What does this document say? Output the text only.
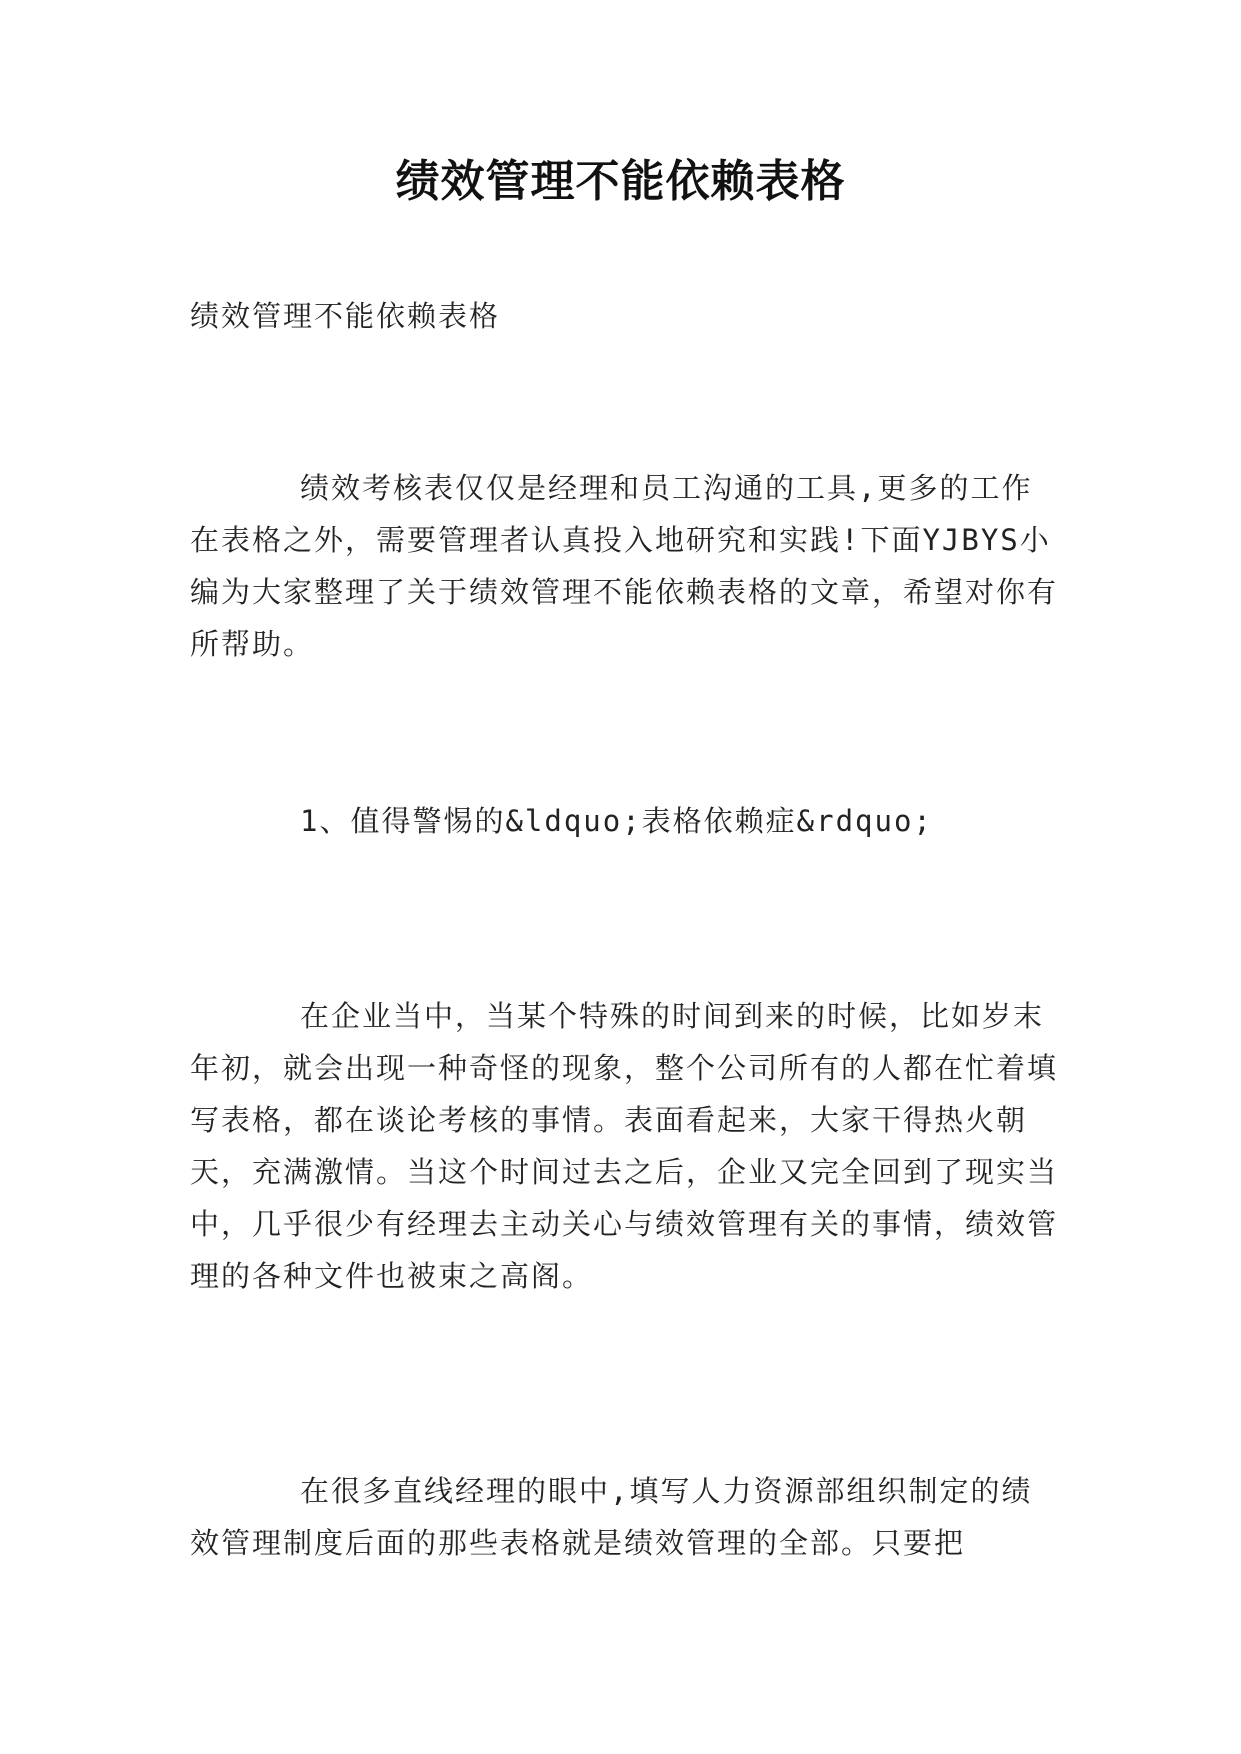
绩效管理不能依赖表格
绩效管理不能依赖表格
绩效考核表仅仅是经理和员工沟通的工具,更多的工作在表格之外，需要管理者认真投入地研究和实践!下面YJBYS小编为大家整理了关于绩效管理不能依赖表格的文章，希望对你有所帮助。
1、值得警惕的&ldquo;表格依赖症&rdquo;
在企业当中，当某个特殊的时间到来的时候，比如岁末年初，就会出现一种奇怪的现象，整个公司所有的人都在忙着填写表格，都在谈论考核的事情。表面看起来，大家干得热火朝天，充满激情。当这个时间过去之后，企业又完全回到了现实当中，几乎很少有经理去主动关心与绩效管理有关的事情，绩效管理的各种文件也被束之高阁。
在很多直线经理的眼中,填写人力资源部组织制定的绩效管理制度后面的那些表格就是绩效管理的全部。只要把
